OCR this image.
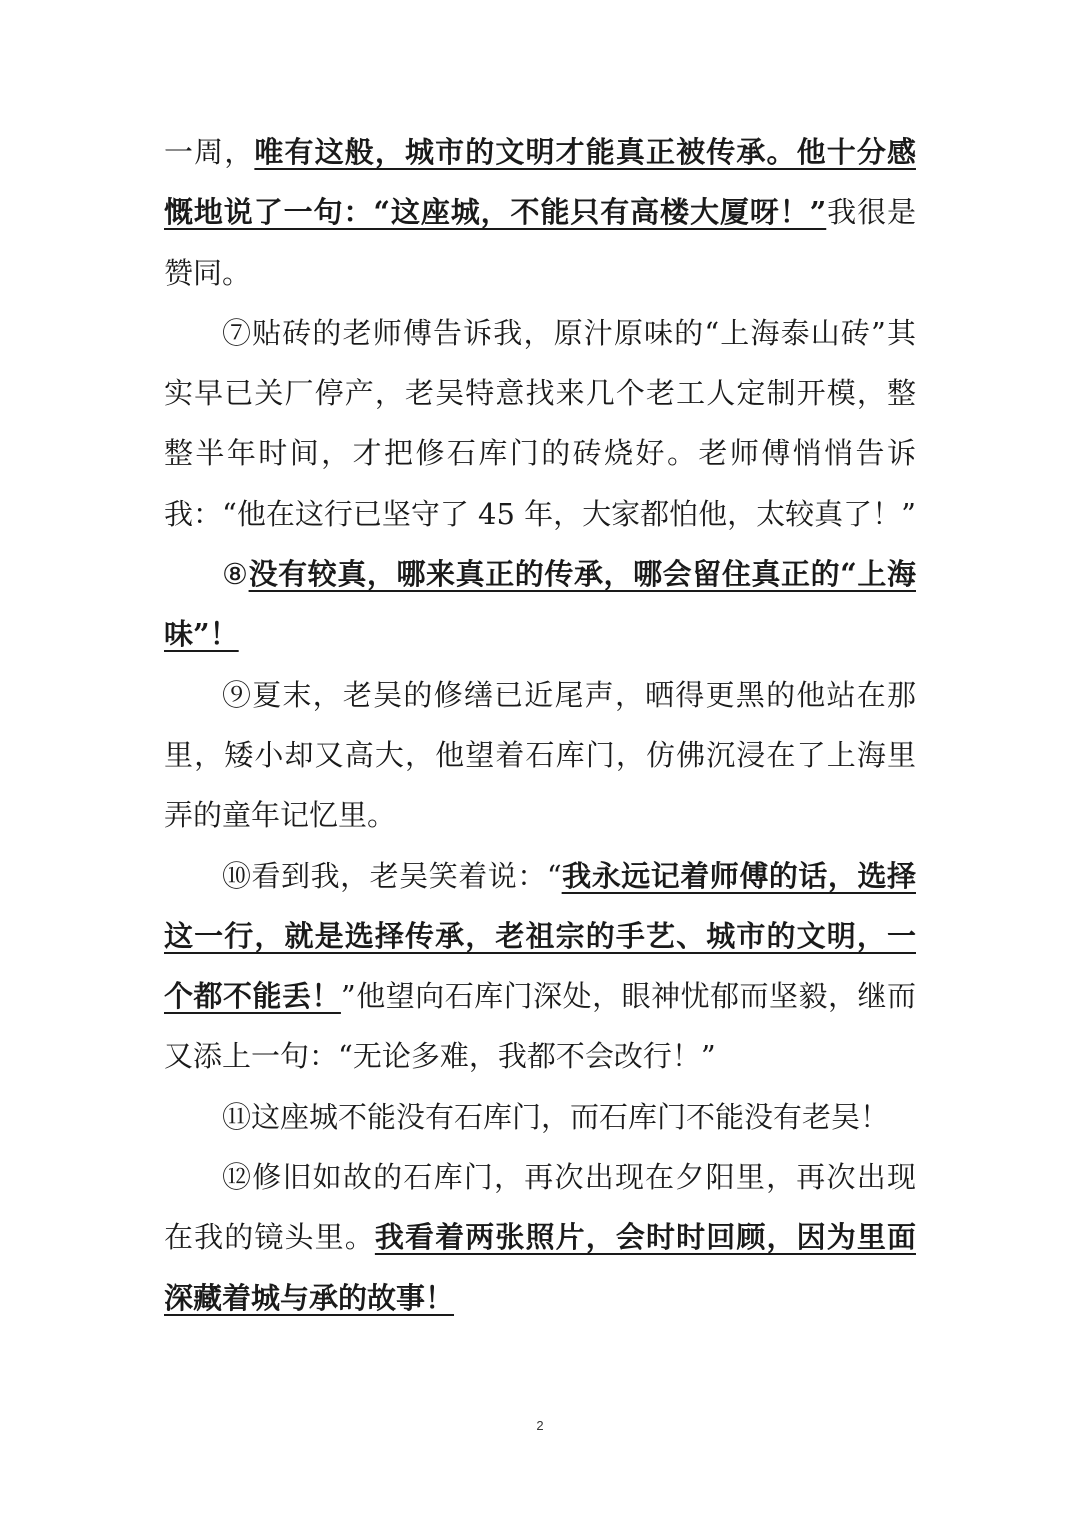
一周，唯有这般，城市的文明才能真正被传承。他十分感慨地说了一句：“这座城，不能只有高楼大厦呀！”我很是赞同。

⑦贴砖的老师傅告诉我，原汁原味的“上海泰山砖”其实早已关厂停产，老吴特意找来几个老工人定制开模，整整半年时间，才把修石库门的砖烧好。老师傅悄悄告诉我：“他在这行已坚守了 45 年，大家都怕他，太较真了！”

⑧没有较真，哪来真正的传承，哪会留住真正的“上海味”！

⑨夏末，老吴的修缮已近尾声，晒得更黑的他站在那里，矮小却又高大，他望着石库门，仿佛沉浸在了上海里弄的童年记忆里。

⑩看到我，老吴笑着说：“我永远记着师傅的话，选择这一行，就是选择传承，老祖宗的手艺、城市的文明，一个都不能丢！”他望向石库门深处，眼神忧郁而坚毅，继而又添上一句：“无论多难，我都不会改行！”

⑪这座城不能没有石库门，而石库门不能没有老吴！

⑫修旧如故的石库门，再次出现在夕阳里，再次出现在我的镜头里。我看着两张照片，会时时回顾，因为里面深藏着城与承的故事！

2
